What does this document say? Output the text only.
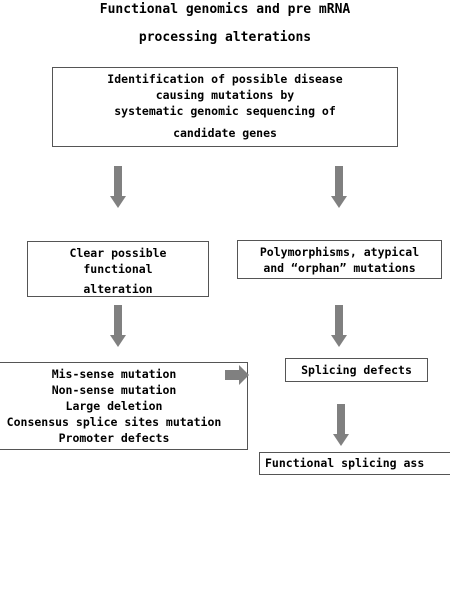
Functional genomics and pre mRNA
processing alterations
Identification of possible disease
causing mutations by
systematic genomic sequencing of
candidate genes
Clear possible
functional
alteration
Polymorphisms, atypical
and “orphan” mutations
Mis-sense mutation
Non-sense mutation
Large deletion
Consensus splice sites mutation
Promoter defects
Splicing defects
Functional splicing ass
